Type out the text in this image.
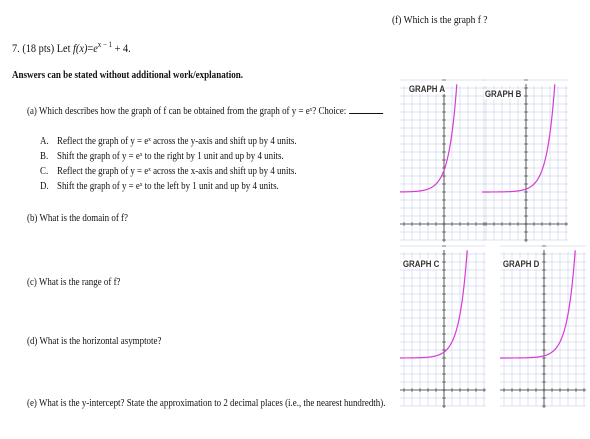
7. (18 pts) Let $f(x)=e^{x - 1} + 4$.
Answers can be stated without additional work/explanation.
(a) Which describes how the graph of f can be obtained from the graph of y = eˣ? Choice:
A. Reflect the graph of y = eˣ across the y-axis and shift up by 4 units.
B. Shift the graph of y = eˣ to the right by 1 unit and up by 4 units.
C. Reflect the graph of y = eˣ across the x-axis and shift up by 4 units.
D. Shift the graph of y = eˣ to the left by 1 unit and up by 4 units.
(b) What is the domain of f?
(c) What is the range of f?
(d) What is the horizontal asymptote?
(e) What is the y-intercept? State the approximation to 2 decimal places (i.e., the nearest hundredth).
(f) Which is the graph f ?
GRAPH A	GRAPH B
GRAPH C	GRAPH D
